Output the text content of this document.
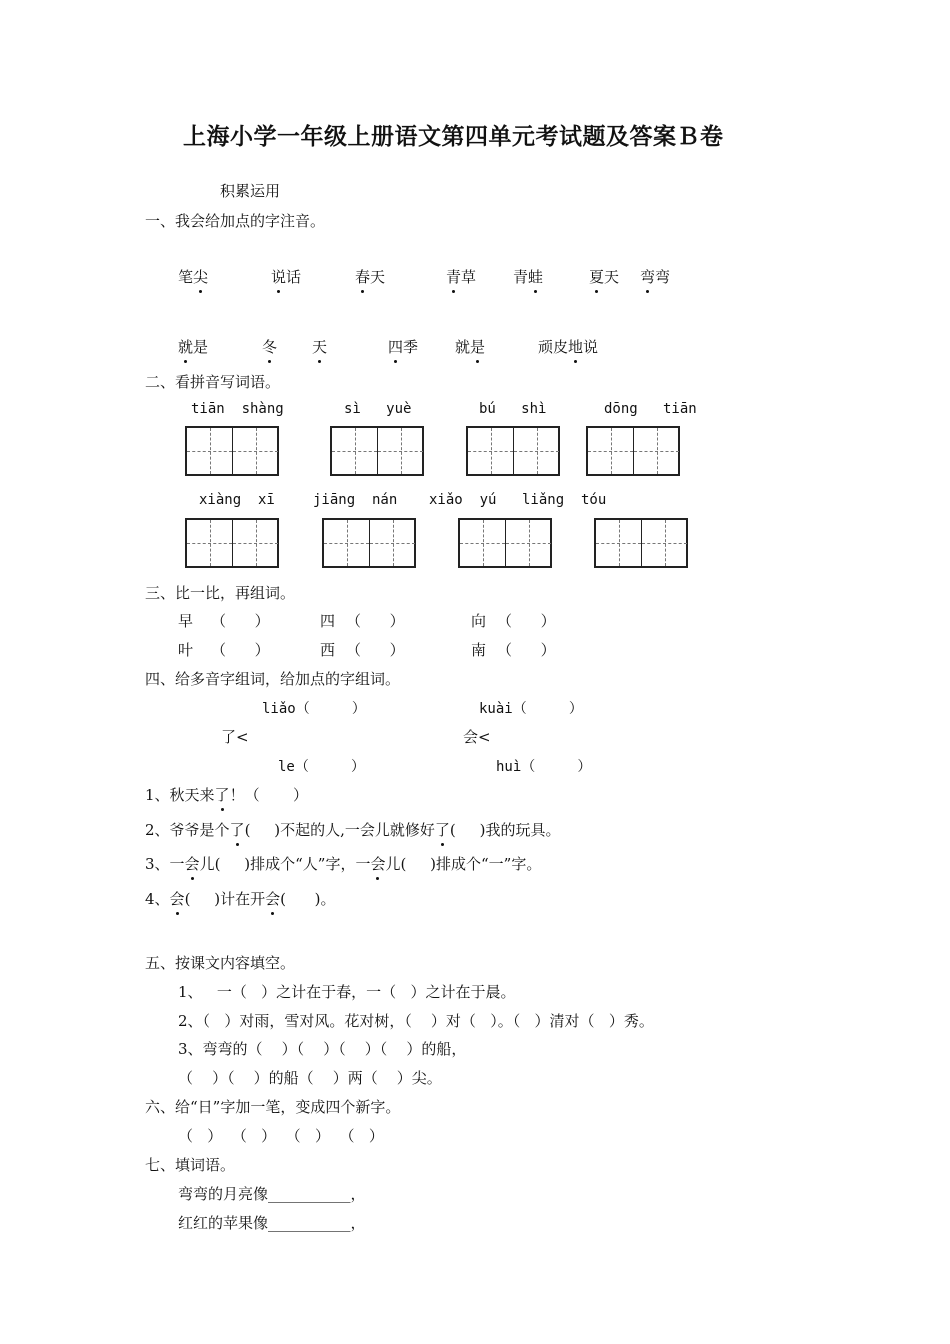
上海小学一年级上册语文第四单元考试题及答案Ｂ卷
积累运用
一、我会给加点的字注音。
笔尖	说话	春天	青草 青蛙	夏天 弯弯
就是	冬 天	四季 就是	顽皮地说
二、看拼音写词语。
tiān  shàng	sì   yuè	bú   shì	dōng   tiān
xiàng  xī	jiāng  nán xiǎo  yú liǎng  tóu
三、比一比，再组词。
早 （      ）	四 （      ）	向 （      ）
叶 （      ）	西 （      ）	南 （      ）
四、给多音字组词，给加点的字组词。
liǎo（     ）	kuài（     ）
了<	会<
le（     ）	huì（     ）
1、秋天来了！（       ）
2、爷爷是个了(     )不起的人,一会儿就修好了(     )我的玩具。
3、一会儿(     )排成个“人”字，一会儿(     )排成个“一”字。
4、会(     )计在开会(      )。
五、按课文内容填空。
1、   一（   ）之计在于春，一（   ）之计在于晨。
2、（   ）对雨，雪对风。花对树，（    ）对（   ）。（   ）清对（   ）秀。
3、弯弯的（    ）（    ）（    ）（    ）的船，
（    ）（    ）的船（    ）两（    ）尖。
六、给“日”字加一笔，变成四个新字。
（   ）  （   ）  （   ）  （   ）
七、填词语。
弯弯的月亮像___________，
红红的苹果像___________，
